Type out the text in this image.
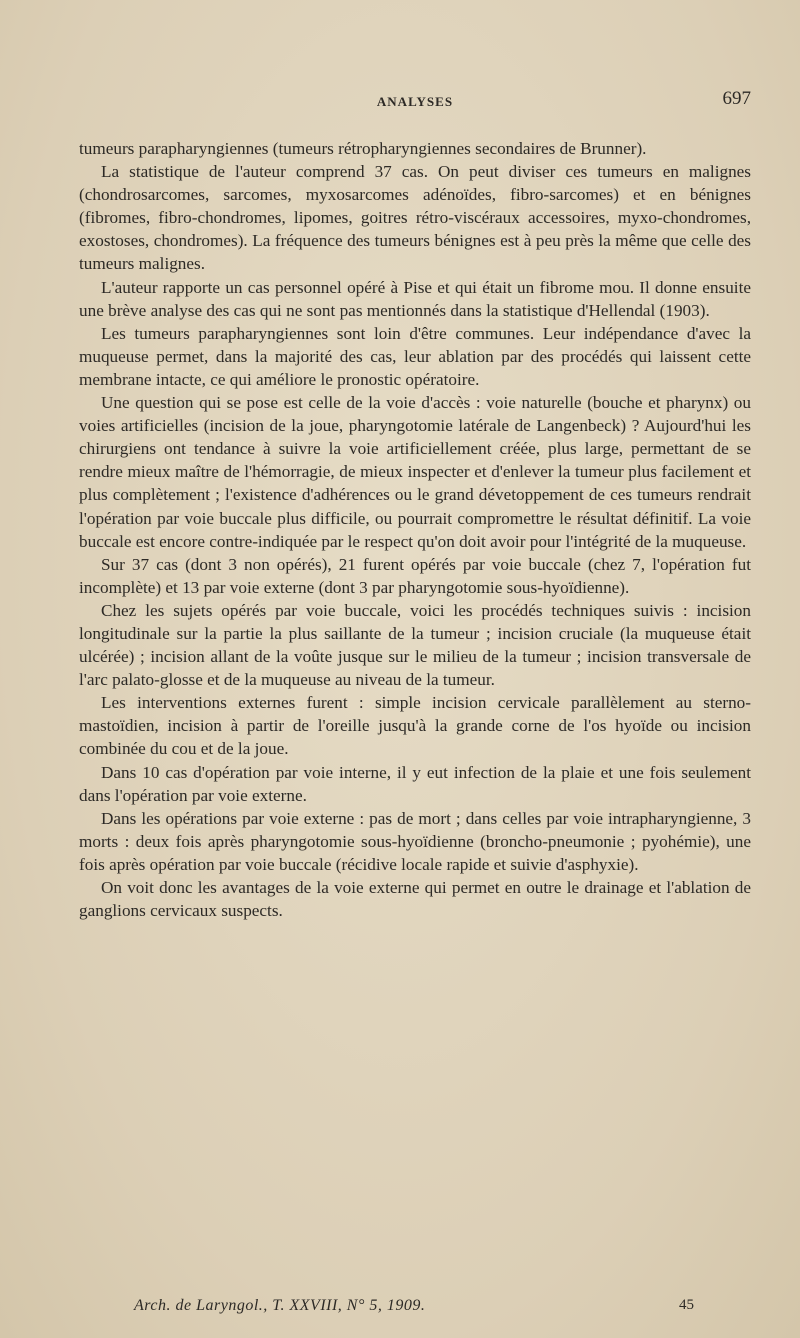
ANALYSES	697

tumeurs parapharyngiennes (tumeurs rétropharyngiennes secondaires de Brunner).

La statistique de l'auteur comprend 37 cas. On peut diviser ces tumeurs en malignes (chondrosarcomes, sarcomes, myxosarcomes adénoïdes, fibro-sarcomes) et en bénignes (fibromes, fibro-chondromes, lipomes, goitres rétro-viscéraux accessoires, myxo-chondromes, exostoses, chondromes). La fréquence des tumeurs bénignes est à peu près la même que celle des tumeurs malignes.

L'auteur rapporte un cas personnel opéré à Pise et qui était un fibrome mou. Il donne ensuite une brève analyse des cas qui ne sont pas mentionnés dans la statistique d'Hellendal (1903).

Les tumeurs parapharyngiennes sont loin d'être communes. Leur indépendance d'avec la muqueuse permet, dans la majorité des cas, leur ablation par des procédés qui laissent cette membrane intacte, ce qui améliore le pronostic opératoire.

Une question qui se pose est celle de la voie d'accès : voie naturelle (bouche et pharynx) ou voies artificielles (incision de la joue, pharyngotomie latérale de Langenbeck) ? Aujourd'hui les chirurgiens ont tendance à suivre la voie artificiellement créée, plus large, permettant de se rendre mieux maître de l'hémorragie, de mieux inspecter et d'enlever la tumeur plus facilement et plus complètement ; l'existence d'adhérences ou le grand dévetoppement de ces tumeurs rendrait l'opération par voie buccale plus difficile, ou pourrait compromettre le résultat définitif. La voie buccale est encore contre-indiquée par le respect qu'on doit avoir pour l'intégrité de la muqueuse.

Sur 37 cas (dont 3 non opérés), 21 furent opérés par voie buccale (chez 7, l'opération fut incomplète) et 13 par voie externe (dont 3 par pharyngotomie sous-hyoïdienne).

Chez les sujets opérés par voie buccale, voici les procédés techniques suivis : incision longitudinale sur la partie la plus saillante de la tumeur ; incision cruciale (la muqueuse était ulcérée) ; incision allant de la voûte jusque sur le milieu de la tumeur ; incision transversale de l'arc palato-glosse et de la muqueuse au niveau de la tumeur.

Les interventions externes furent : simple incision cervicale parallèlement au sterno-mastoïdien, incision à partir de l'oreille jusqu'à la grande corne de l'os hyoïde ou incision combinée du cou et de la joue.

Dans 10 cas d'opération par voie interne, il y eut infection de la plaie et une fois seulement dans l'opération par voie externe.

Dans les opérations par voie externe : pas de mort ; dans celles par voie intrapharyngienne, 3 morts : deux fois après pharyngotomie sous-hyoïdienne (broncho-pneumonie ; pyohémie), une fois après opération par voie buccale (récidive locale rapide et suivie d'asphyxie).

On voit donc les avantages de la voie externe qui permet en outre le drainage et l'ablation de ganglions cervicaux suspects.

Arch. de Laryngol., T. XXVIII, N° 5, 1909.	45
